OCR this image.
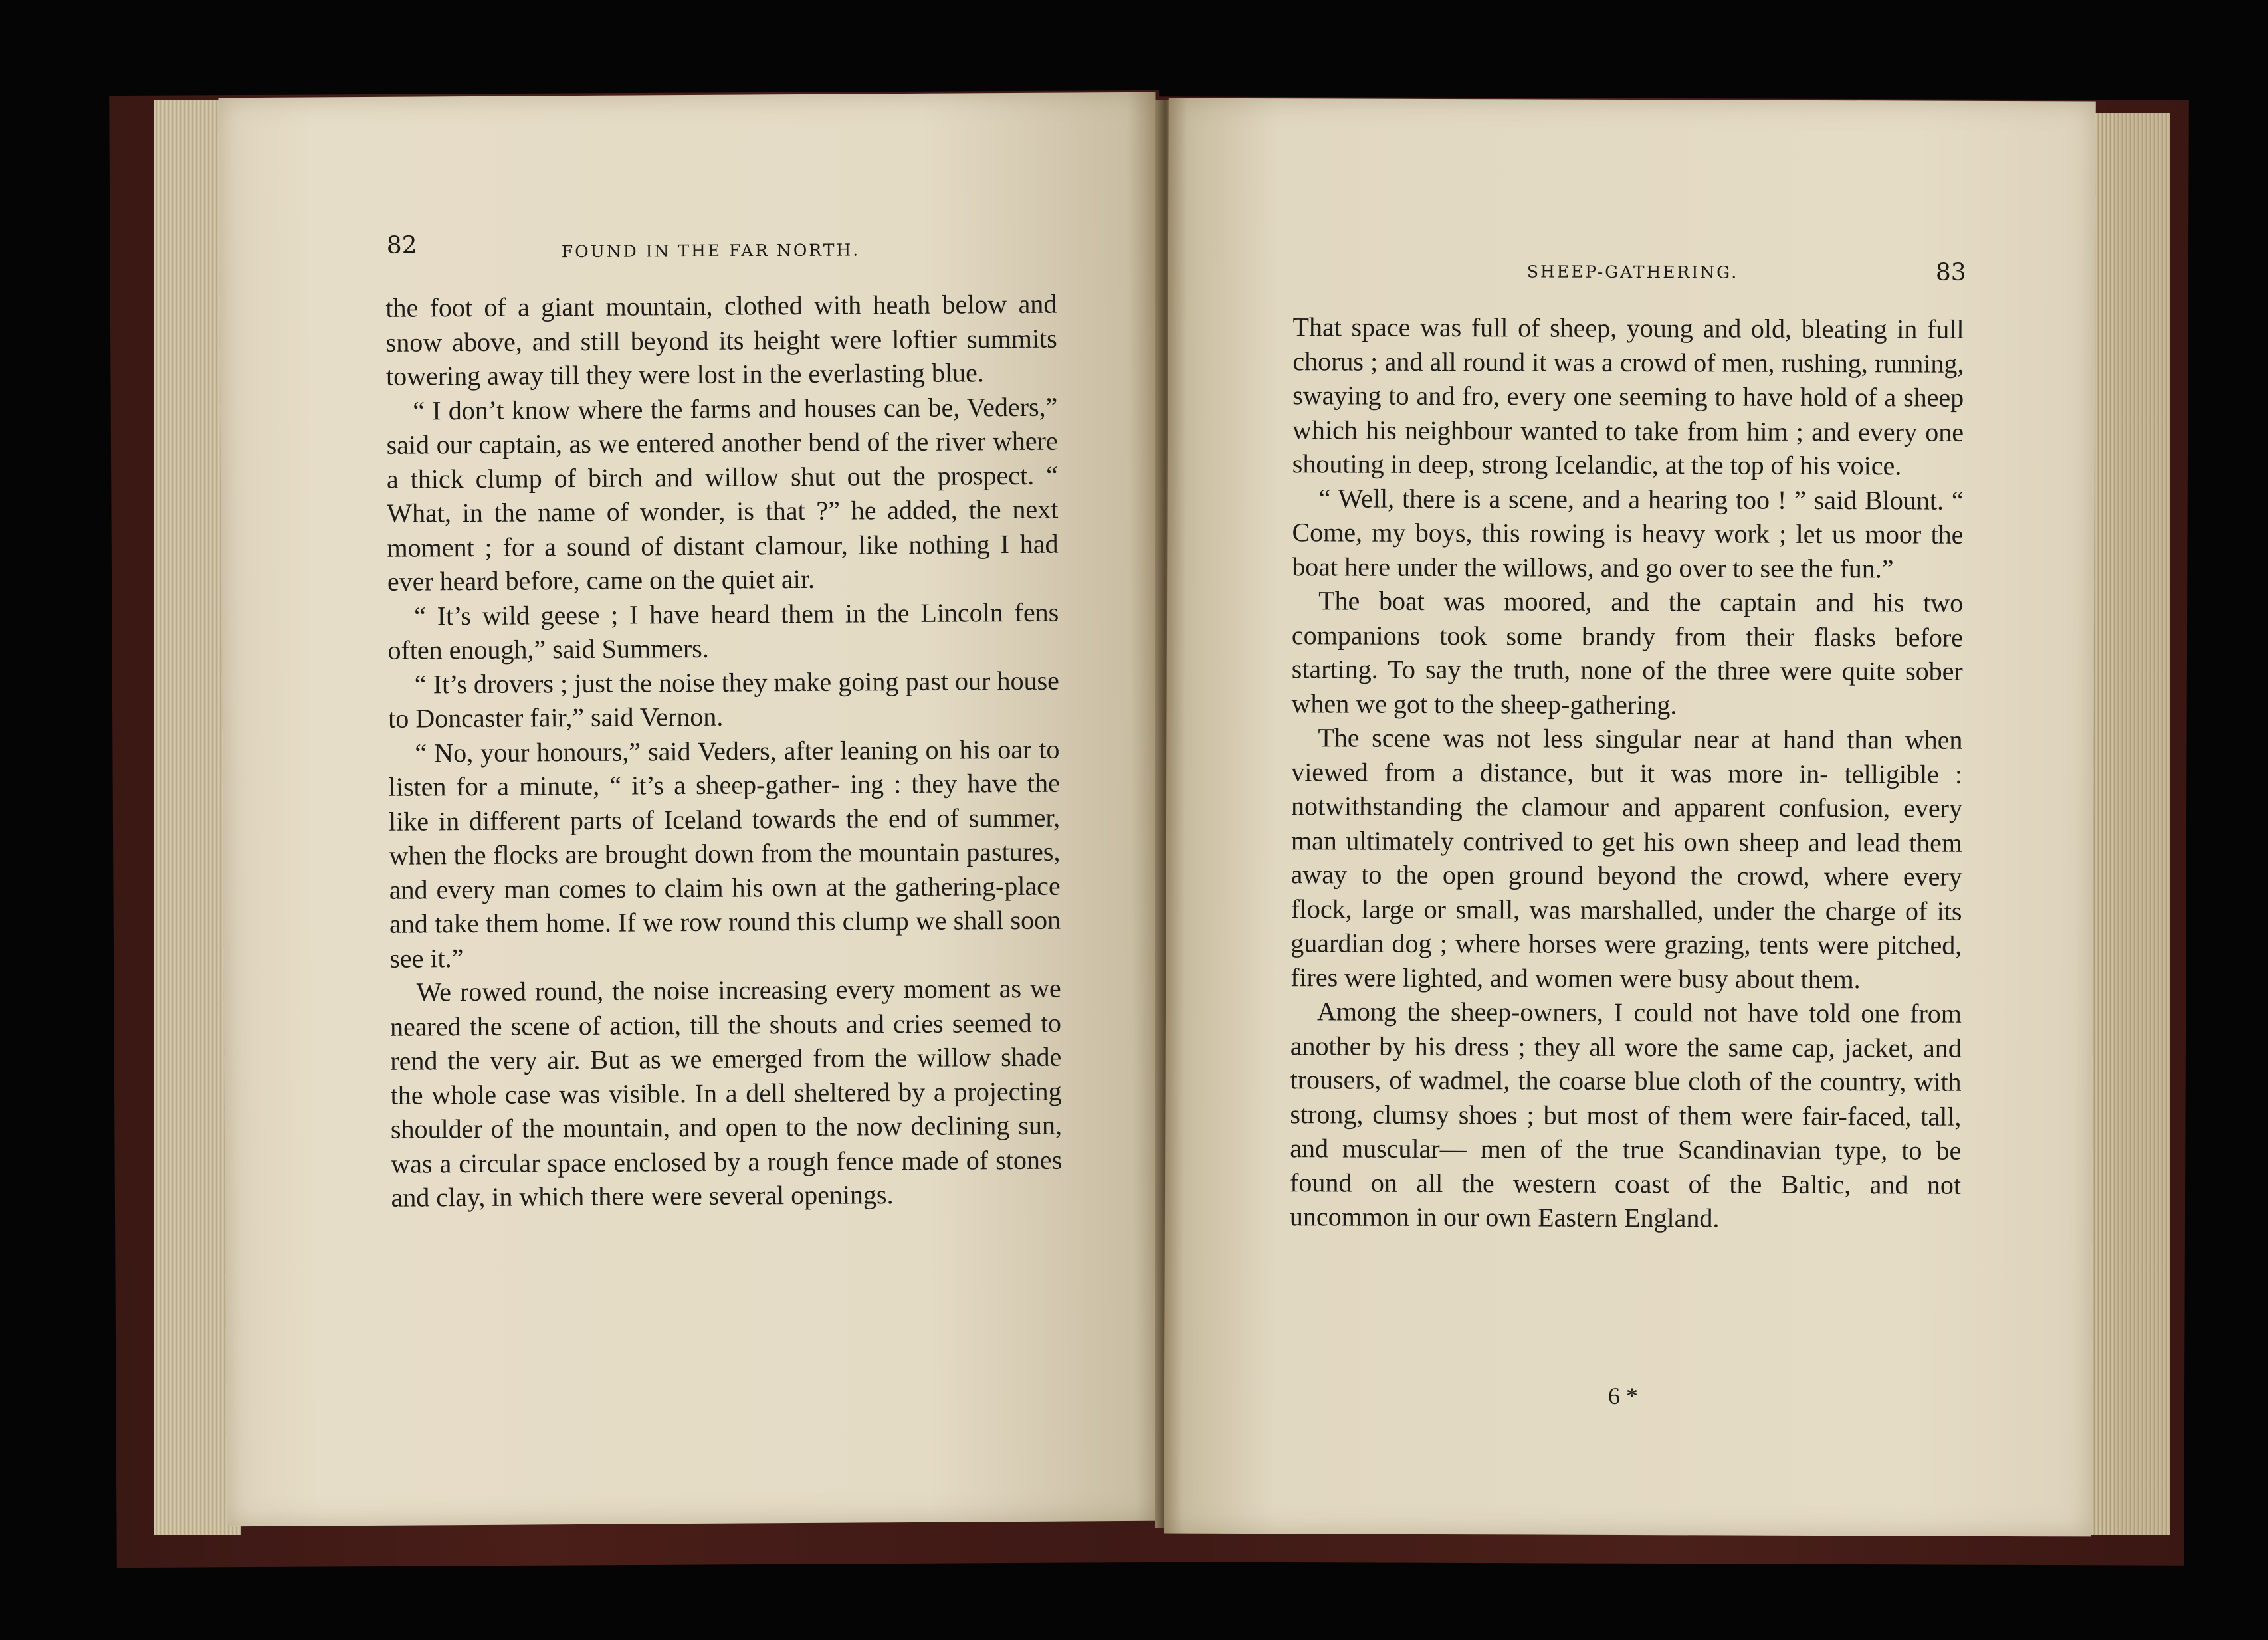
82	FOUND IN THE FAR NORTH.

the foot of a giant mountain, clothed with heath below and snow above, and still beyond its height were loftier summits towering away till they were lost in the everlasting blue.

“ I don’t know where the farms and houses can be, Veders,” said our captain, as we entered another bend of the river where a thick clump of birch and willow shut out the prospect. “ What, in the name of wonder, is that ?” he added, the next moment ; for a sound of distant clamour, like nothing I had ever heard before, came on the quiet air.

“ It’s wild geese ; I have heard them in the Lincoln fens often enough,” said Summers.

“ It’s drovers ; just the noise they make going past our house to Doncaster fair,” said Vernon.

“ No, your honours,” said Veders, after leaning on his oar to listen for a minute, “ it’s a sheep-gather- ing : they have the like in different parts of Iceland towards the end of summer, when the flocks are brought down from the mountain pastures, and every man comes to claim his own at the gathering-place and take them home. If we row round this clump we shall soon see it.”

We rowed round, the noise increasing every moment as we neared the scene of action, till the shouts and cries seemed to rend the very air. But as we emerged from the willow shade the whole case was visible. In a dell sheltered by a projecting shoulder of the mountain, and open to the now declining sun, was a circular space enclosed by a rough fence made of stones and clay, in which there were several openings.

SHEEP-GATHERING.	83

That space was full of sheep, young and old, bleating in full chorus ; and all round it was a crowd of men, rushing, running, swaying to and fro, every one seeming to have hold of a sheep which his neighbour wanted to take from him ; and every one shouting in deep, strong Icelandic, at the top of his voice.

“ Well, there is a scene, and a hearing too ! ” said Blount. “ Come, my boys, this rowing is heavy work ; let us moor the boat here under the willows, and go over to see the fun.”

The boat was moored, and the captain and his two companions took some brandy from their flasks before starting. To say the truth, none of the three were quite sober when we got to the sheep-gathering.

The scene was not less singular near at hand than when viewed from a distance, but it was more in- telligible : notwithstanding the clamour and apparent confusion, every man ultimately contrived to get his own sheep and lead them away to the open ground beyond the crowd, where every flock, large or small, was marshalled, under the charge of its guardian dog ; where horses were grazing, tents were pitched, fires were lighted, and women were busy about them.

Among the sheep-owners, I could not have told one from another by his dress ; they all wore the same cap, jacket, and trousers, of wadmel, the coarse blue cloth of the country, with strong, clumsy shoes ; but most of them were fair-faced, tall, and muscular— men of the true Scandinavian type, to be found on all the western coast of the Baltic, and not uncommon in our own Eastern England.

6 *
